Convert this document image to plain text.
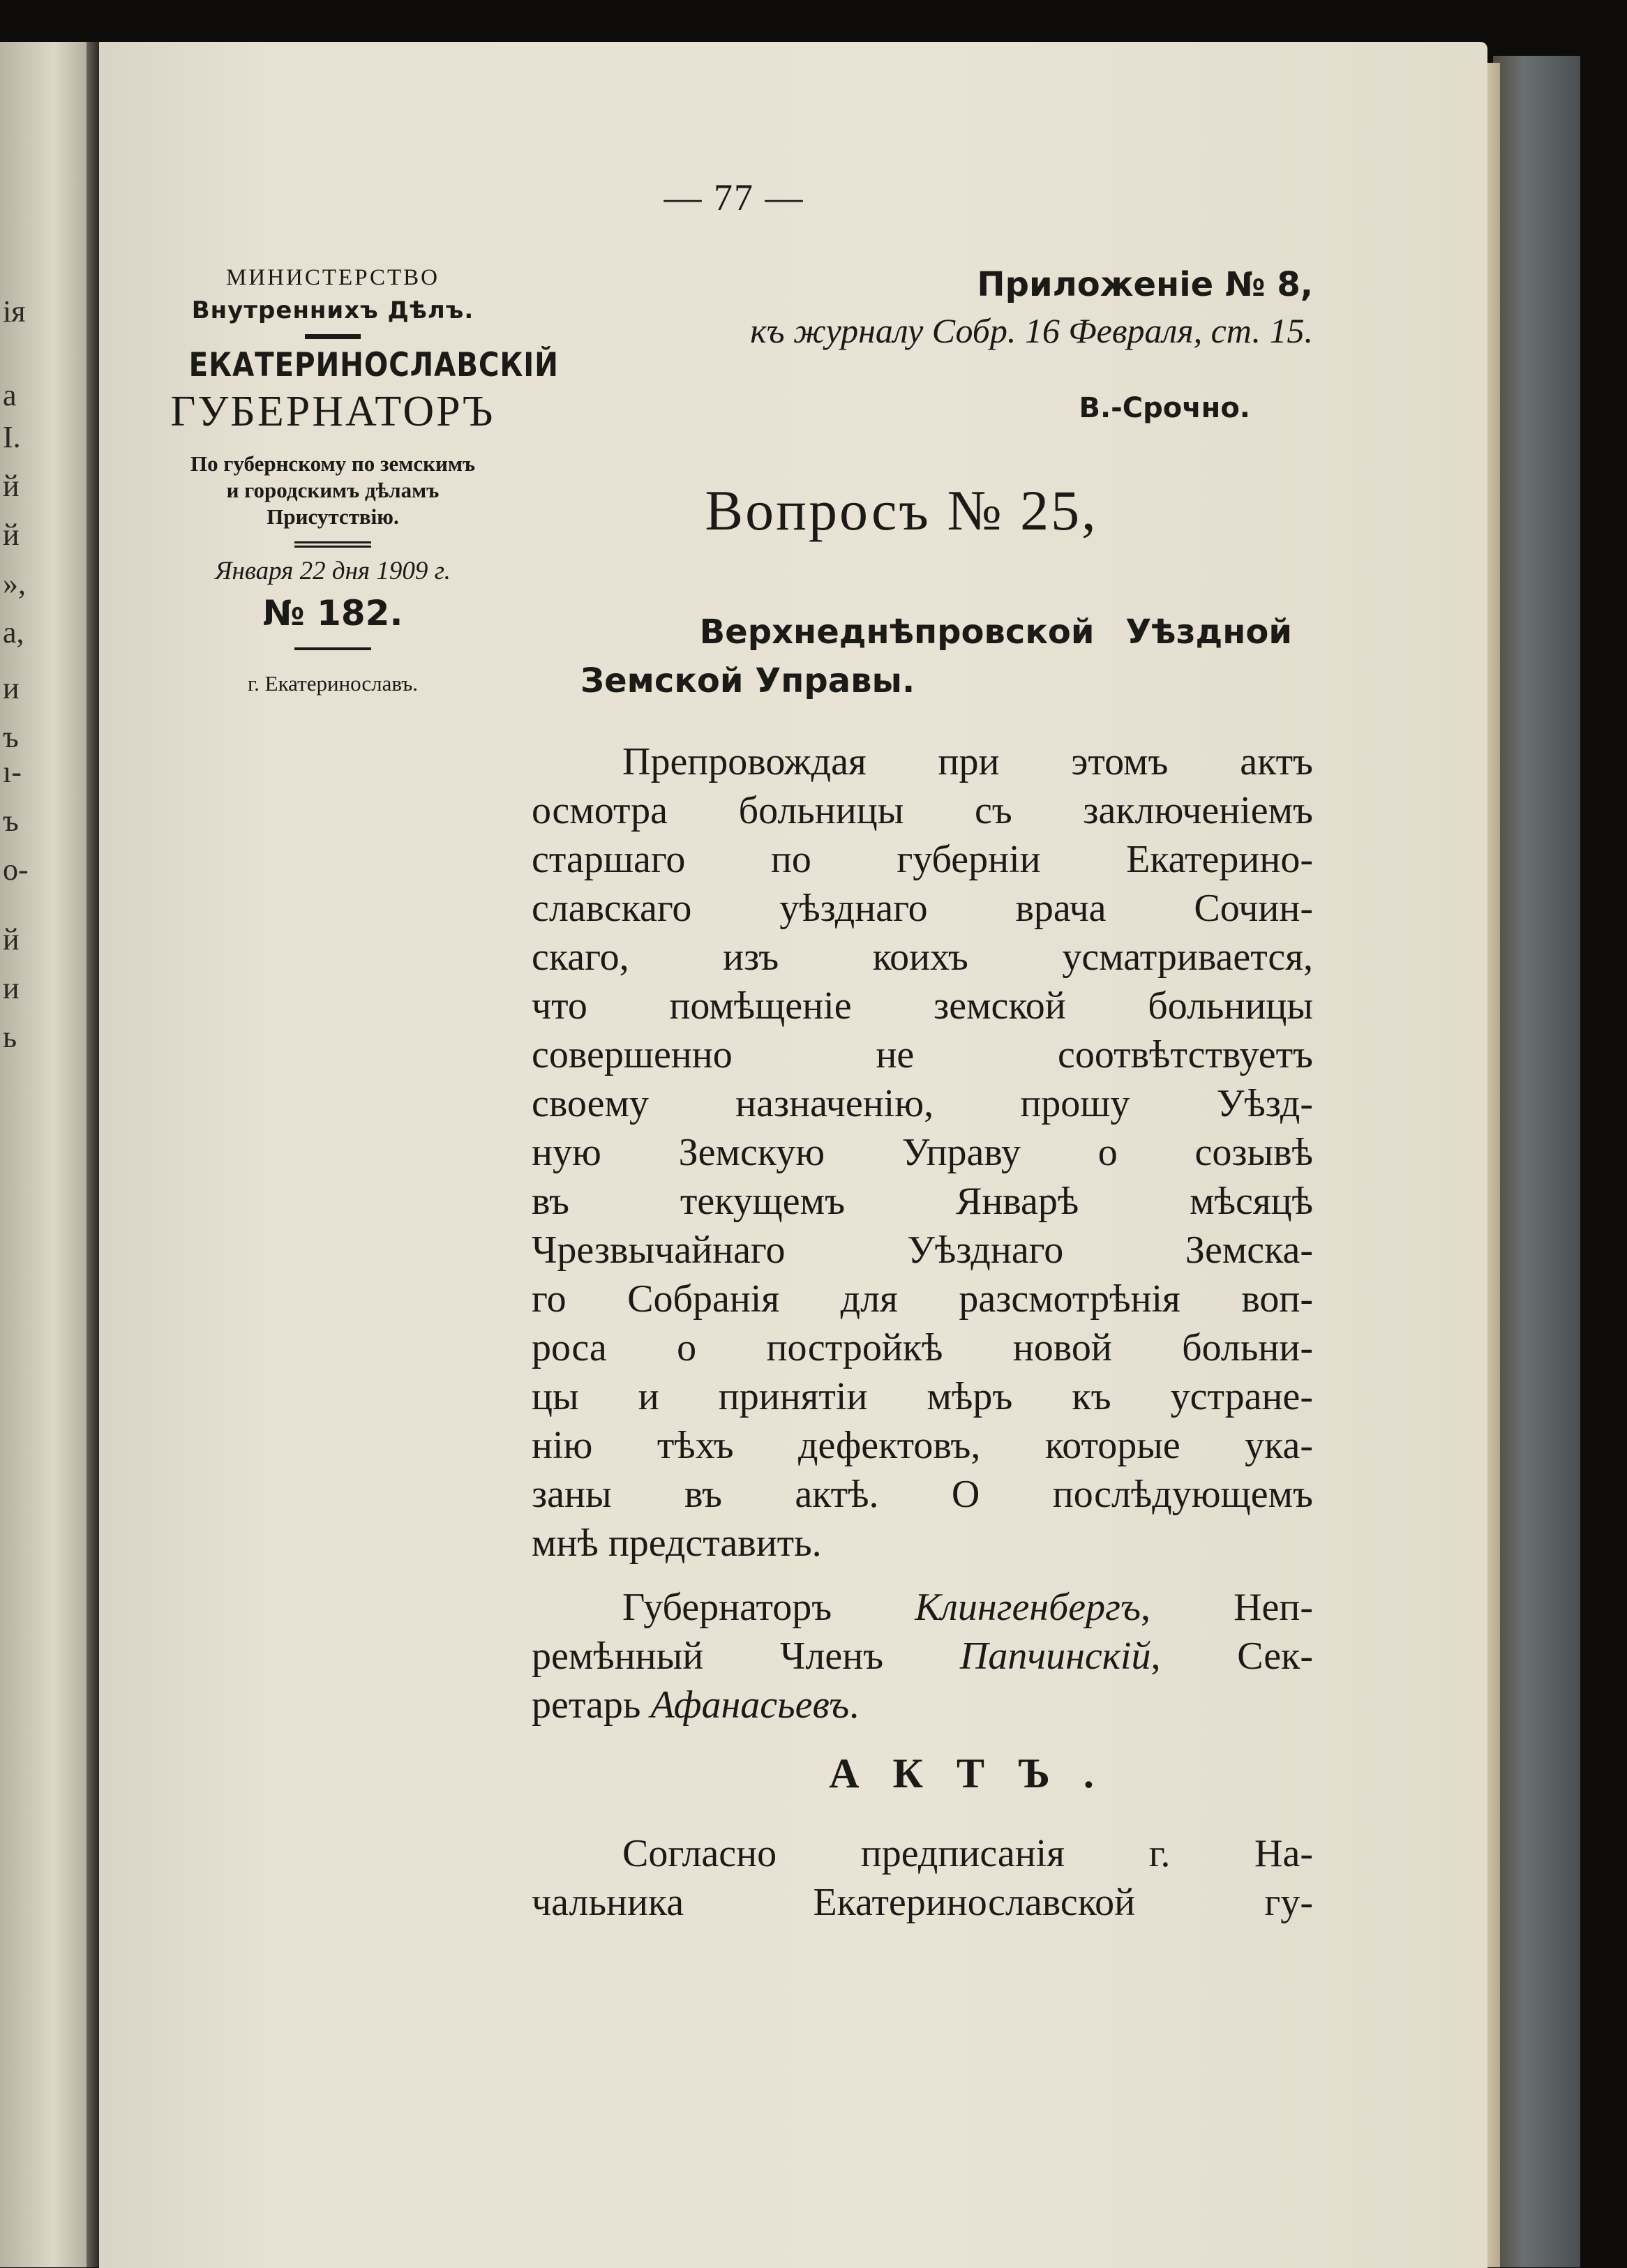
ія
а
І.
й
й
»,
а,
и
ъ
ı-
ъ
о-
й
и
ь
— 77 —
МИНИСТЕРСТВО
Внутреннихъ Дѣлъ.
ЕКАТЕРИНОСЛАВСКІЙ
ГУБЕРНАТОРЪ
По губернскому по земскимъ
и городскимъ дѣламъ
Присутствію.
Января 22 дня 1909 г.
№ 182.
г. Екатеринославъ.
Приложеніе № 8,
къ журналу Собр. 16 Февраля, ст. 15.
В.-Срочно.
Вопросъ № 25,
Верхнеднѣпровской Уѣздной
Земской Управы.
Препровождая при этомъ актъ
осмотра больницы съ заключеніемъ
старшаго по губерніи Екатерино-
славскаго уѣзднаго врача Сочин-
скаго, изъ коихъ усматривается,
что помѣщеніе земской больницы
совершенно не соотвѣтствуетъ
своему назначенію, прошу Уѣзд-
ную Земскую Управу о созывѣ
въ текущемъ Январѣ мѣсяцѣ
Чрезвычайнаго Уѣзднаго Земска-
го Собранія для разсмотрѣнія воп-
роса о постройкѣ новой больни-
цы и принятіи мѣръ къ устране-
нію тѣхъ дефектовъ, которые ука-
заны въ актѣ. О послѣдующемъ
мнѣ представить.
Губернаторъ Клингенбергъ, Неп-
ремѣнный Членъ Папчинскій, Сек-
ретарь Афанасьевъ.
АКТЪ.
Согласно предписанія г. На-
чальника Екатеринославской гу-
